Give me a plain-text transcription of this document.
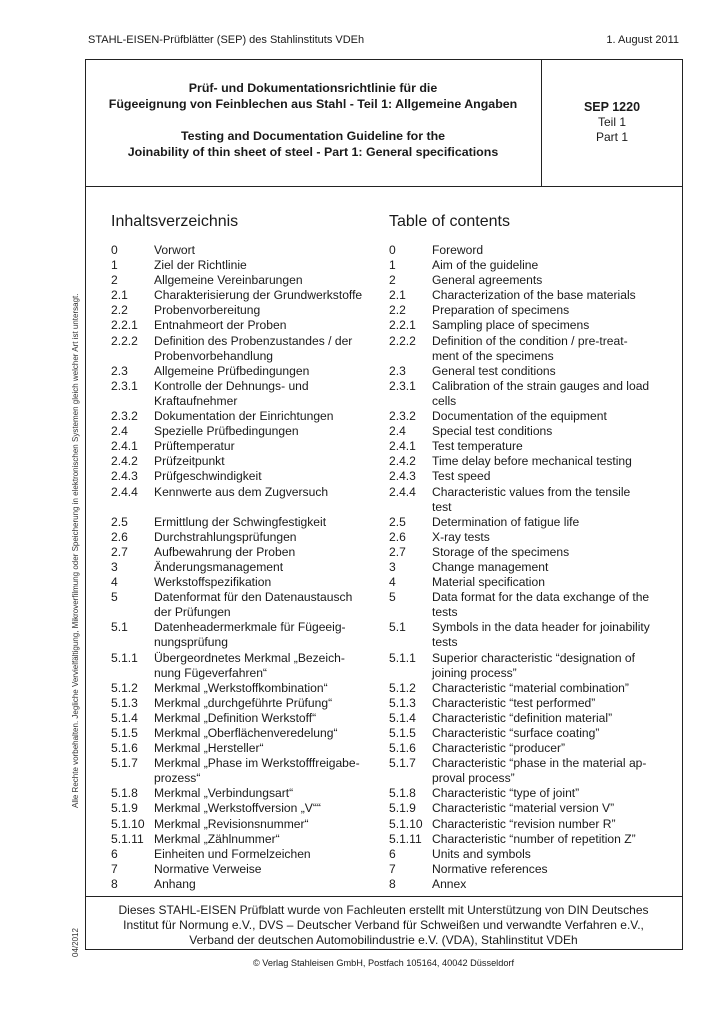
STAHL-EISEN-Prüfblätter (SEP) des Stahlinstituts VDEh	1. August 2011
Prüf- und Dokumentationsrichtlinie für die
Fügeeignung von Feinblechen aus Stahl - Teil 1: Allgemeine Angaben
Testing and Documentation Guideline for the
Joinability of thin sheet of steel - Part 1: General specifications
SEP 1220
Teil 1
Part 1
Alle Rechte vorbehalten. Jegliche Vervielfältigung, Mikroverfilmung oder Speicherung in elektronischen Systemen gleich welcher Art ist untersagt.
04/2012
Inhaltsverzeichnis
0	Vorwort
1	Ziel der Richtlinie
2	Allgemeine Vereinbarungen
2.1	Charakterisierung der Grundwerkstoffe
2.2	Probenvorbereitung
2.2.1	Entnahmeort der Proben
2.2.2	Definition des Probenzustandes / der
Probenvorbehandlung
2.3	Allgemeine Prüfbedingungen
2.3.1	Kontrolle der Dehnungs- und
Kraftaufnehmer
2.3.2	Dokumentation der Einrichtungen
2.4	Spezielle Prüfbedingungen
2.4.1	Prüftemperatur
2.4.2	Prüfzeitpunkt
2.4.3	Prüfgeschwindigkeit
2.4.4	Kennwerte aus dem Zugversuch
2.5	Ermittlung der Schwingfestigkeit
2.6	Durchstrahlungsprüfungen
2.7	Aufbewahrung der Proben
3	Änderungsmanagement
4	Werkstoffspezifikation
5	Datenformat für den Datenaustausch
der Prüfungen
5.1	Datenheadermerkmale für Fügeeig-
nungsprüfung
5.1.1	Übergeordnetes Merkmal „Bezeich-
nung Fügeverfahren“
5.1.2	Merkmal „Werkstoffkombination“
5.1.3	Merkmal „durchgeführte Prüfung“
5.1.4	Merkmal „Definition Werkstoff“
5.1.5	Merkmal „Oberflächenveredelung“
5.1.6	Merkmal „Hersteller“
5.1.7	Merkmal „Phase im Werkstofffreigabe-
prozess“
5.1.8	Merkmal „Verbindungsart“
5.1.9	Merkmal „Werkstoffversion „V““
5.1.10 Merkmal „Revisionsnummer“
5.1.11 Merkmal „Zählnummer“
6	Einheiten und Formelzeichen
7	Normative Verweise
8	Anhang
Table of contents
0	Foreword
1	Aim of the guideline
2	General agreements
2.1	Characterization of the base materials
2.2	Preparation of specimens
2.2.1	Sampling place of specimens
2.2.2	Definition of the condition / pre-treat-
ment of the specimens
2.3	General test conditions
2.3.1	Calibration of the strain gauges and load
cells
2.3.2	Documentation of the equipment
2.4	Special test conditions
2.4.1	Test temperature
2.4.2	Time delay before mechanical testing
2.4.3	Test speed
2.4.4	Characteristic values from the tensile
test
2.5	Determination of fatigue life
2.6	X-ray tests
2.7	Storage of the specimens
3	Change management
4	Material specification
5	Data format for the data exchange of the
tests
5.1	Symbols in the data header for joinability
tests
5.1.1	Superior characteristic “designation of
joining process”
5.1.2	Characteristic “material combination”
5.1.3	Characteristic “test performed”
5.1.4	Characteristic “definition material”
5.1.5	Characteristic “surface coating”
5.1.6	Characteristic “producer”
5.1.7	Characteristic “phase in the material ap-
proval process”
5.1.8	Characteristic “type of joint”
5.1.9	Characteristic “material version V”
5.1.10 Characteristic “revision number R”
5.1.11 Characteristic “number of repetition Z”
6	Units and symbols
7	Normative references
8	Annex
Dieses STAHL-EISEN Prüfblatt wurde von Fachleuten erstellt mit Unterstützung von DIN Deutsches
Institut für Normung e.V., DVS – Deutscher Verband für Schweißen und verwandte Verfahren e.V.,
Verband der deutschen Automobilindustrie e.V. (VDA), Stahlinstitut VDEh
© Verlag Stahleisen GmbH, Postfach 105164, 40042 Düsseldorf
